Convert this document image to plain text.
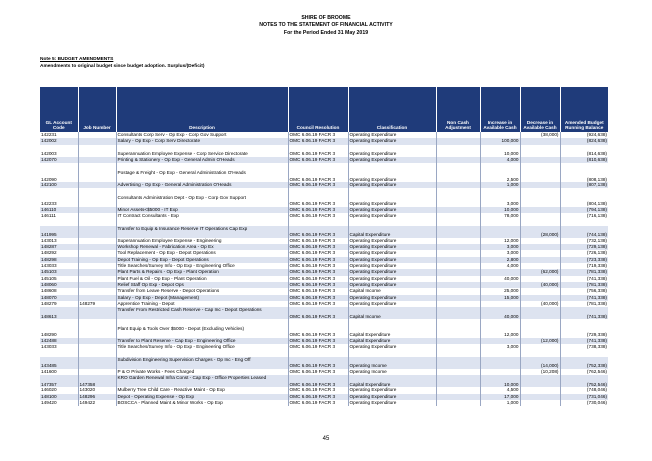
SHIRE OF BROOME
NOTES TO THE STATEMENT OF FINANCIAL ACTIVITY
For the Period Ended 31 May 2019
Note 5: BUDGET AMENDMENTS
Amendments to original budget since budget adoption. Surplus/(Deficit)
GL Account Code	Job Number	Description	Council Resolution	Classification	Non Cash Adjustment	Increase in Available Cash	Decrease in Available Cash	Amended Budget Running Balance
142231		Consultants Corp Serv - Op Exp - Corp Gov Support	OMC 6.06.19 FACR 3	Operating Expenditure			(38,000)	(924,638)
142002		Salary - Op Exp - Corp Serv Directorate	OMC 6.06.19 FACR 3	Operating Expenditure		100,000		(824,638)

142003		Superannuation Employee Expense - Corp Service Directorate	OMC 6.06.19 FACR 3	Operating Expenditure		10,000		(814,638)
142070		Printing & Stationery - Op Exp - General Admin O'Heads	OMC 6.06.19 FACR 3	Operating Expenditure		4,000		(810,638)

142090		Postage & Freight - Op Exp - General Administration O'Heads	OMC 6.06.19 FACR 3	Operating Expenditure		2,500		(808,138)
142100		Advertising - Op Exp - General Administration O'Heads	OMC 6.06.19 FACR 3	Operating Expenditure		1,000		(807,138)

142233		Consultants Administration Dept - Op Exp - Corp Gov Support	OMC 6.06.19 FACR 3	Operating Expenditure		3,000		(804,138)
146110		Minor Assets<$5000 - IT Exp	OMC 6.06.19 FACR 3	Operating Expenditure		10,000		(794,138)
146111		IT Contract Consultants - Exp	OMC 6.06.19 FACR 3	Operating Expenditure		78,000		(716,138)

141995		Transfer to Equip & Insurance Reserve IT Operations Cap Exp	OMC 6.06.19 FACR 3	Capital Expenditure			(28,000)	(744,138)
143013		Superannuation Employee Expense - Engineering	OMC 6.06.19 FACR 3	Operating Expenditure		12,000		(732,138)
148287		Workshop Renewal - Fabrication Area - Op Ex	OMC 6.06.19 FACR 3	Operating Expenditure		3,000		(729,138)
148292		Tool Replacement - Op Exp - Depot Operations	OMC 6.06.19 FACR 3	Operating Expenditure		3,000		(726,138)
148298		Depot Training - Op Exp - Depot Operations	OMC 6.06.19 FACR 3	Operating Expenditure		2,800		(723,338)
143033		Title Searches/Survey Info - Op Exp - Engineering Office	OMC 6.06.19 FACR 3	Operating Expenditure		4,000		(719,338)
145103		Plant Parts & Repairs - Op Exp - Plant Operation	OMC 6.06.19 FACR 3	Operating Expenditure			(62,000)	(781,338)
145105		Plant Fuel & Oil - Op Exp - Plant Operation	OMC 6.06.19 FACR 3	Operating Expenditure		40,000		(741,338)
148060		Relief Staff Op Exp - Depot Ops	OMC 6.06.19 FACR 3	Operating Expenditure			(40,000)	(781,338)
148608		Transfer from Leave Reserve - Depot Operations	OMC 6.06.19 FACR 3	Capital Income		25,000		(756,338)
148070		Salary - Op Exp - Depot (Management)	OMC 6.06.19 FACR 3	Operating Expenditure		15,000		(741,338)
148279	148279	Apprentice Training - Depot	OMC 6.06.19 FACR 3	Operating Expenditure			(40,000)	(781,338)
148613		Transfer From Restricted Cash Reserve - Cap Inc - Depot Operations	OMC 6.06.19 FACR 3	Capital Income		40,000		(741,338)

148290		Plant Equip & Tools Over $5000 - Depot (Excluding Vehicles)	OMC 6.06.19 FACR 3	Capital Expenditure		12,000		(729,338)
142488		Transfer to Plant Reserve - Cap Exp - Engineering Office	OMC 6.06.19 FACR 3	Capital Expenditure			(12,000)	(741,338)
143033		Title Searches/Survey Info - Op Exp - Engineering Office	OMC 6.06.19 FACR 3	Operating Expenditure		3,000		(738,338)

143485		Subdivision Engineering Supervision Charges - Op Inc - Eng Off	OMC 6.06.19 FACR 3	Operating Income			(14,000)	(752,338)
141600		P & O Private Works - Fees Charged	OMC 6.06.19 FACR 3	Operating Income			(10,208)	(762,546)
147357	147358	KRO Garden Renewal Infra Const - Cap Exp - Office Properties Leased	OMC 6.06.19 FACR 3	Capital Expenditure		10,000		(752,546)
146020	143020	Mulberry Tree Child Care - Reactive Maint - Op Exp	OMC 6.06.19 FACR 3	Operating Expenditure		4,500		(748,046)
148100	148296	Depot - Operating Expense - Op Exp	OMC 6.06.19 FACR 3	Operating Expenditure		17,000		(731,046)
149420	149422	BOSCCA - Planned Maint & Minor Works - Op Exp	OMC 6.06.19 FACR 3	Operating Expenditure		1,000		(730,046)
45
